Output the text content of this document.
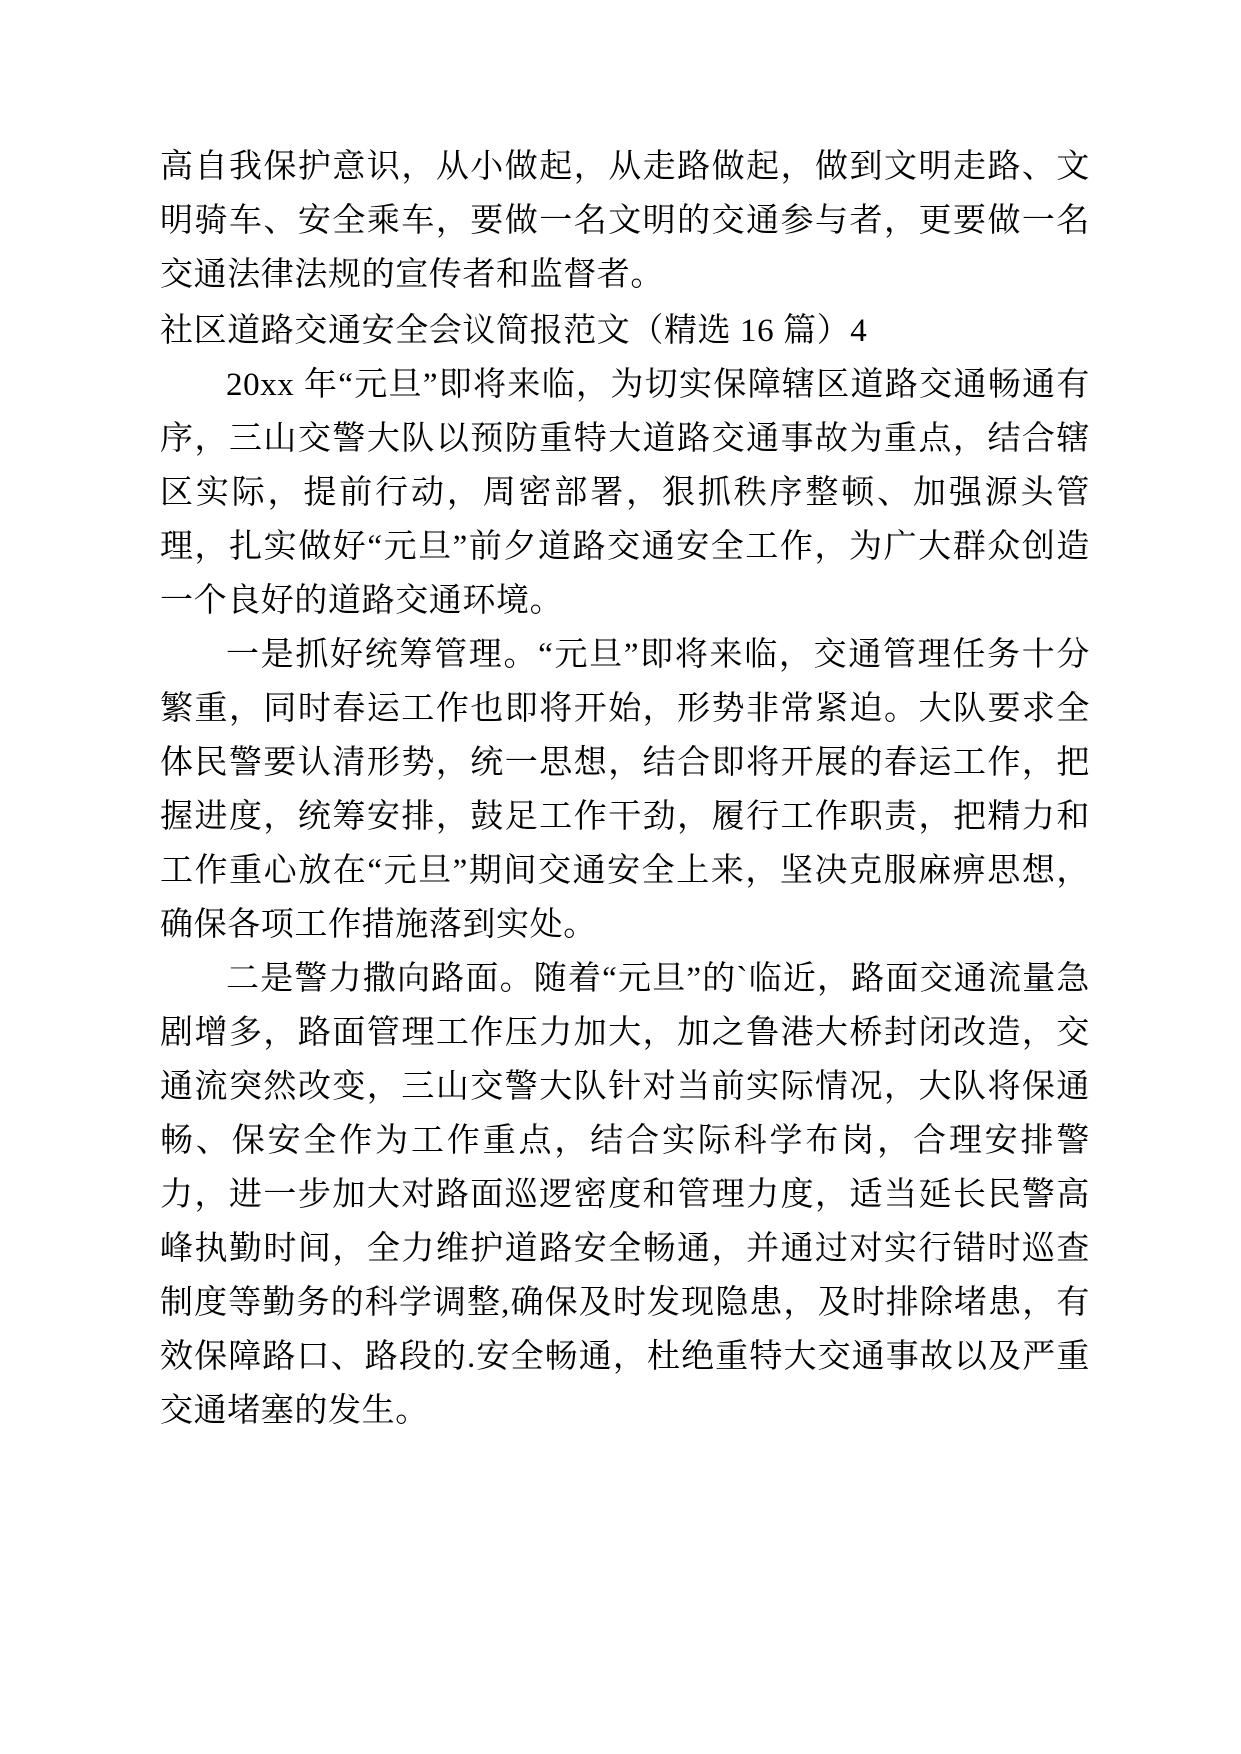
高自我保护意识，从小做起，从走路做起，做到文明走路、文明骑车、安全乘车，要做一名文明的交通参与者，更要做一名交通法律法规的宣传者和监督者。

社区道路交通安全会议简报范文（精选 16 篇）4

20xx 年“元旦”即将来临，为切实保障辖区道路交通畅通有序，三山交警大队以预防重特大道路交通事故为重点，结合辖区实际，提前行动，周密部署，狠抓秩序整顿、加强源头管理，扎实做好“元旦”前夕道路交通安全工作，为广大群众创造一个良好的道路交通环境。

一是抓好统筹管理。“元旦”即将来临，交通管理任务十分繁重，同时春运工作也即将开始，形势非常紧迫。大队要求全体民警要认清形势，统一思想，结合即将开展的春运工作，把握进度，统筹安排，鼓足工作干劲，履行工作职责，把精力和工作重心放在“元旦”期间交通安全上来，坚决克服麻痹思想，确保各项工作措施落到实处。

二是警力撒向路面。随着“元旦”的`临近，路面交通流量急剧增多，路面管理工作压力加大，加之鲁港大桥封闭改造，交通流突然改变，三山交警大队针对当前实际情况，大队将保通畅、保安全作为工作重点，结合实际科学布岗，合理安排警力，进一步加大对路面巡逻密度和管理力度，适当延长民警高峰执勤时间，全力维护道路安全畅通，并通过对实行错时巡查制度等勤务的科学调整,确保及时发现隐患，及时排除堵患，有效保障路口、路段的.安全畅通，杜绝重特大交通事故以及严重交通堵塞的发生。
